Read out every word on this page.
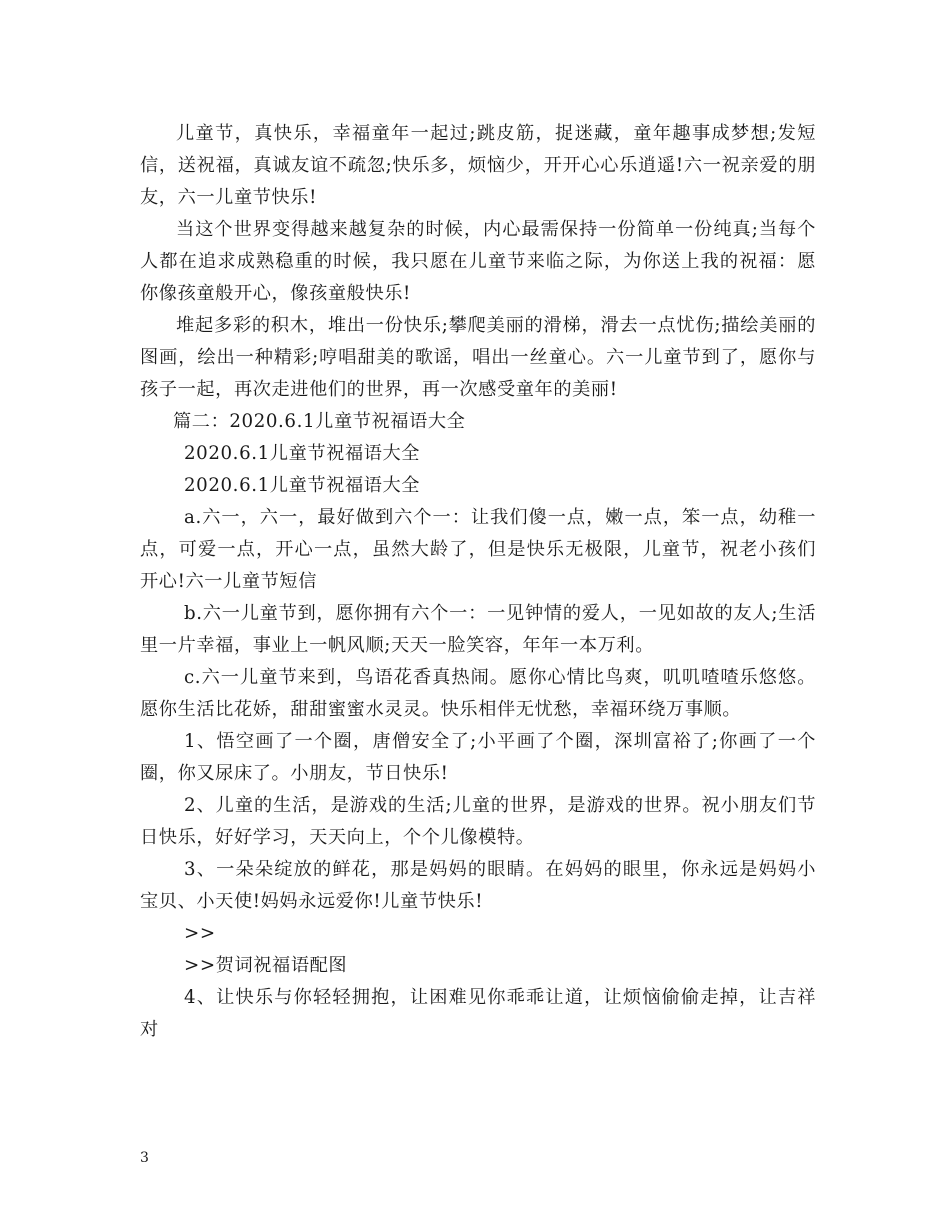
儿童节，真快乐，幸福童年一起过;跳皮筋，捉迷藏，童年趣事成梦想;发短信，送祝福，真诚友谊不疏忽;快乐多，烦恼少，开开心心乐逍遥!六一祝亲爱的朋友，六一儿童节快乐!

当这个世界变得越来越复杂的时候，内心最需保持一份简单一份纯真;当每个人都在追求成熟稳重的时候，我只愿在儿童节来临之际，为你送上我的祝福：愿你像孩童般开心，像孩童般快乐!

堆起多彩的积木，堆出一份快乐;攀爬美丽的滑梯，滑去一点忧伤;描绘美丽的图画，绘出一种精彩;哼唱甜美的歌谣，唱出一丝童心。六一儿童节到了，愿你与孩子一起，再次走进他们的世界，再一次感受童年的美丽!

篇二：2020.6.1儿童节祝福语大全

2020.6.1儿童节祝福语大全

2020.6.1儿童节祝福语大全

a.六一，六一，最好做到六个一：让我们傻一点，嫩一点，笨一点，幼稚一点，可爱一点，开心一点，虽然大龄了，但是快乐无极限，儿童节，祝老小孩们开心!六一儿童节短信

b.六一儿童节到，愿你拥有六个一：一见钟情的爱人，一见如故的友人;生活里一片幸福，事业上一帆风顺;天天一脸笑容，年年一本万利。

c.六一儿童节来到，鸟语花香真热闹。愿你心情比鸟爽，叽叽喳喳乐悠悠。愿你生活比花娇，甜甜蜜蜜水灵灵。快乐相伴无忧愁，幸福环绕万事顺。

1、悟空画了一个圈，唐僧安全了;小平画了个圈，深圳富裕了;你画了一个圈，你又尿床了。小朋友，节日快乐!

2、儿童的生活，是游戏的生活;儿童的世界，是游戏的世界。祝小朋友们节日快乐，好好学习，天天向上，个个儿像模特。

3、一朵朵绽放的鲜花，那是妈妈的眼睛。在妈妈的眼里，你永远是妈妈小宝贝、小天使!妈妈永远爱你!儿童节快乐!

>>

>>贺词祝福语配图

4、让快乐与你轻轻拥抱，让困难见你乖乖让道，让烦恼偷偷走掉，让吉祥对

3
